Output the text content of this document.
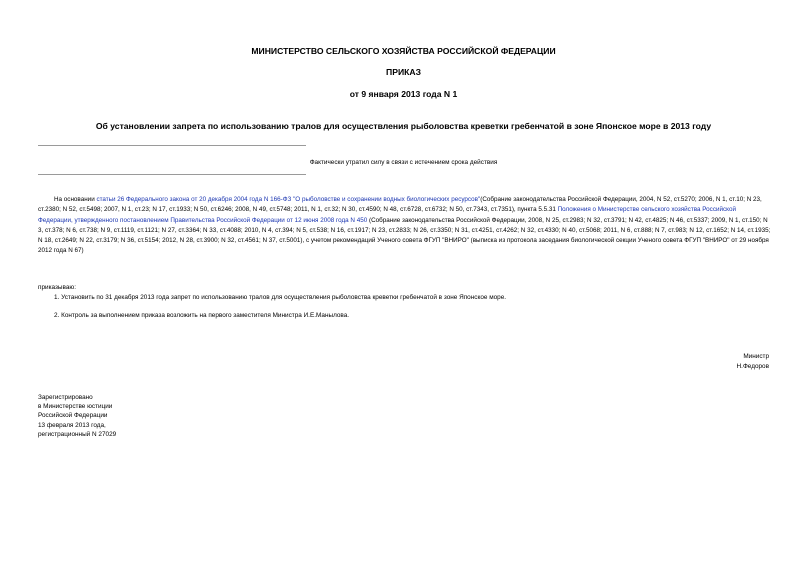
МИНИСТЕРСТВО СЕЛЬСКОГО ХОЗЯЙСТВА РОССИЙСКОЙ ФЕДЕРАЦИИ
ПРИКАЗ
от 9 января 2013 года N 1
Об установлении запрета по использованию тралов для осуществления рыболовства креветки гребенчатой в зоне Японское море в 2013 году
Фактически утратил силу в связи с истечением срока действия
На основании статьи 26 Федерального закона от 20 декабря 2004 года N 166-ФЗ "О рыболовстве и сохранении водных биологических ресурсов"(Собрание законодательства Российской Федерации, 2004, N 52, ст.5270; 2006, N 1, ст.10; N 23, ст.2380; N 52, ст.5498; 2007, N 1, ст.23; N 17, ст.1933; N 50, ст.6246; 2008, N 49, ст.5748; 2011, N 1, ст.32; N 30, ст.4590; N 48, ст.6728, ст.6732; N 50, ст.7343, ст.7351), пункта 5.5.31 Положения о Министерстве сельского хозяйства Российской Федерации, утвержденного постановлением Правительства Российской Федерации от 12 июня 2008 года N 450 (Собрание законодательства Российской Федерации, 2008, N 25, ст.2983; N 32, ст.3791; N 42, ст.4825; N 46, ст.5337; 2009, N 1, ст.150; N 3, ст.378; N 6, ст.738; N 9, ст.1119, ст.1121; N 27, ст.3364; N 33, ст.4088; 2010, N 4, ст.394; N 5, ст.538; N 16, ст.1917; N 23, ст.2833; N 26, ст.3350; N 31, ст.4251, ст.4262; N 32, ст.4330; N 40, ст.5068; 2011, N 6, ст.888; N 7, ст.983; N 12, ст.1652; N 14, ст.1935; N 18, ст.2649; N 22, ст.3179; N 36, ст.5154; 2012, N 28, ст.3900; N 32, ст.4561; N 37, ст.5001), с учетом рекомендаций Ученого совета ФГУП "ВНИРО" (выписка из протокола заседания биологической секции Ученого совета ФГУП "ВНИРО" от 29 ноября 2012 года N 67)
приказываю:
1. Установить по 31 декабря 2013 года запрет по использованию тралов для осуществления рыболовства креветки гребенчатой в зоне Японское море.
2. Контроль за выполнением приказа возложить на первого заместителя Министра И.Е.Манылова.
Министр
Н.Федоров
Зарегистрировано
в Министерстве юстиции
Российской Федерации
13 февраля 2013 года,
регистрационный N 27029
